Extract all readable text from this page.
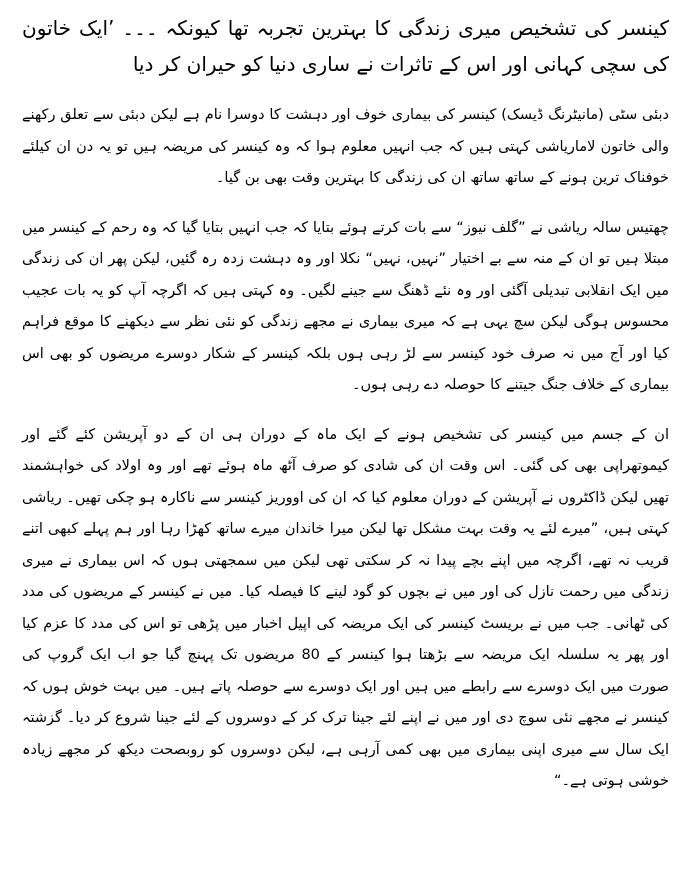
کینسر کی تشخیص میری زندگی کا بہترین تجربہ تھا کیونکہ ۔۔۔ ’ایک خاتون کی سچی کہانی اور اس کے تاثرات نے ساری دنیا کو حیران کر دیا

دبئی سٹی (مانیٹرنگ ڈیسک) کینسر کی بیماری خوف اور دہشت کا دوسرا نام ہے لیکن دبئی سے تعلق رکھنے والی خاتون لاماریاشی کہتی ہیں کہ جب انہیں معلوم ہوا کہ وہ کینسر کی مریضہ ہیں تو یہ دن ان کیلئے خوفناک ترین ہونے کے ساتھ ساتھ ان کی زندگی کا بہترین وقت بھی بن گیا۔

چھتیس سالہ ریاشی نے ”گلف نیوز“ سے بات کرتے ہوئے بتایا کہ جب انہیں بتایا گیا کہ وہ رحم کے کینسر میں مبتلا ہیں تو ان کے منہ سے بے اختیار ”نہیں، نہیں“ نکلا اور وہ دہشت زدہ رہ گئیں، لیکن پھر ان کی زندگی میں ایک انقلابی تبدیلی آگئی اور وہ نئے ڈھنگ سے جینے لگیں۔ وہ کہتی ہیں کہ اگرچہ آپ کو یہ بات عجیب محسوس ہوگی لیکن سچ یہی ہے کہ میری بیماری نے مجھے زندگی کو نئی نظر سے دیکھنے کا موقع فراہم کیا اور آج میں نہ صرف خود کینسر سے لڑ رہی ہوں بلکہ کینسر کے شکار دوسرے مریضوں کو بھی اس بیماری کے خلاف جنگ جیتنے کا حوصلہ دے رہی ہوں۔

ان کے جسم میں کینسر کی تشخیص ہونے کے ایک ماہ کے دوران ہی ان کے دو آپریشن کئے گئے اور کیموتھراپی بھی کی گئی۔ اس وقت ان کی شادی کو صرف آٹھ ماہ ہوئے تھے اور وہ اولاد کی خواہشمند تھیں لیکن ڈاکٹروں نے آپریشن کے دوران معلوم کیا کہ ان کی اووریز کینسر سے ناکارہ ہو چکی تھیں۔ ریاشی کہتی ہیں، ”میرے لئے یہ وقت بہت مشکل تھا لیکن میرا خاندان میرے ساتھ کھڑا رہا اور ہم پہلے کبھی اتنے قریب نہ تھے، اگرچہ میں اپنے بچے پیدا نہ کر سکتی تھی لیکن میں سمجھتی ہوں کہ اس بیماری نے میری زندگی میں رحمت نازل کی اور میں نے بچوں کو گود لینے کا فیصلہ کیا۔ میں نے کینسر کے مریضوں کی مدد کی ٹھانی۔ جب میں نے بریسٹ کینسر کی ایک مریضہ کی اپیل اخبار میں پڑھی تو اس کی مدد کا عزم کیا اور پھر یہ سلسلہ ایک مریضہ سے بڑھتا ہوا کینسر کے 80 مریضوں تک پہنچ گیا جو اب ایک گروپ کی صورت میں ایک دوسرے سے رابطے میں ہیں اور ایک دوسرے سے حوصلہ پاتے ہیں۔ میں بہت خوش ہوں کہ کینسر نے مجھے نئی سوچ دی اور میں نے اپنے لئے جینا ترک کر کے دوسروں کے لئے جینا شروع کر دیا۔ گزشتہ ایک سال سے میری اپنی بیماری میں بھی کمی آرہی ہے، لیکن دوسروں کو روبصحت دیکھ کر مجھے زیادہ خوشی ہوتی ہے۔“
